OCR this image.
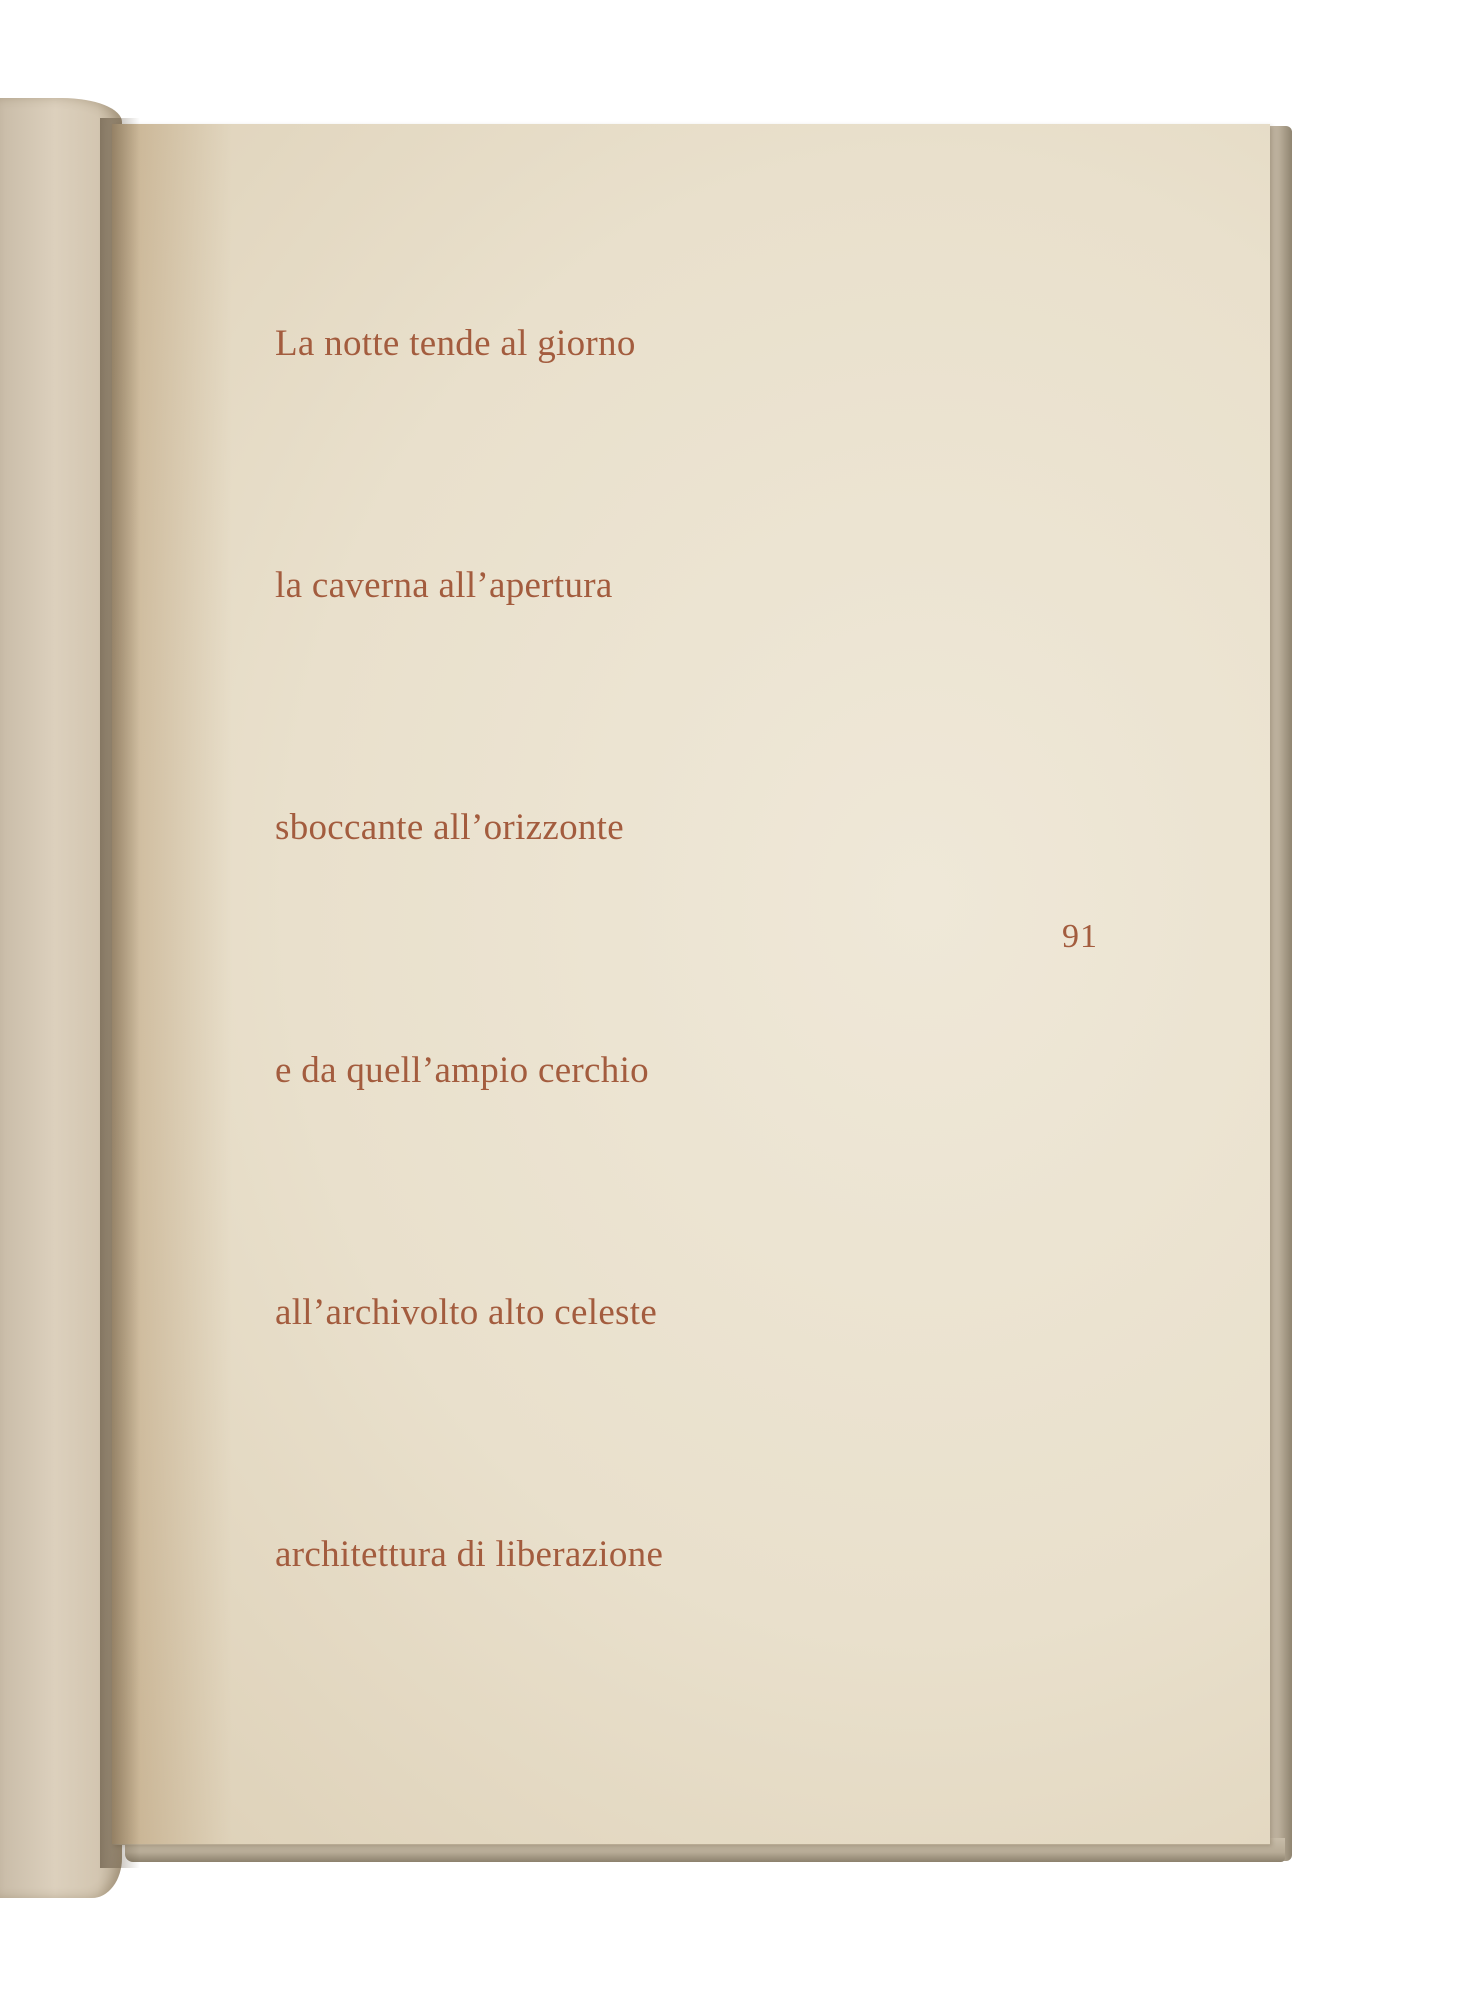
La notte tende al giorno

la caverna all’apertura

sboccante all’orizzonte

e da quell’ampio cerchio

all’archivolto alto celeste

architettura di liberazione

91
